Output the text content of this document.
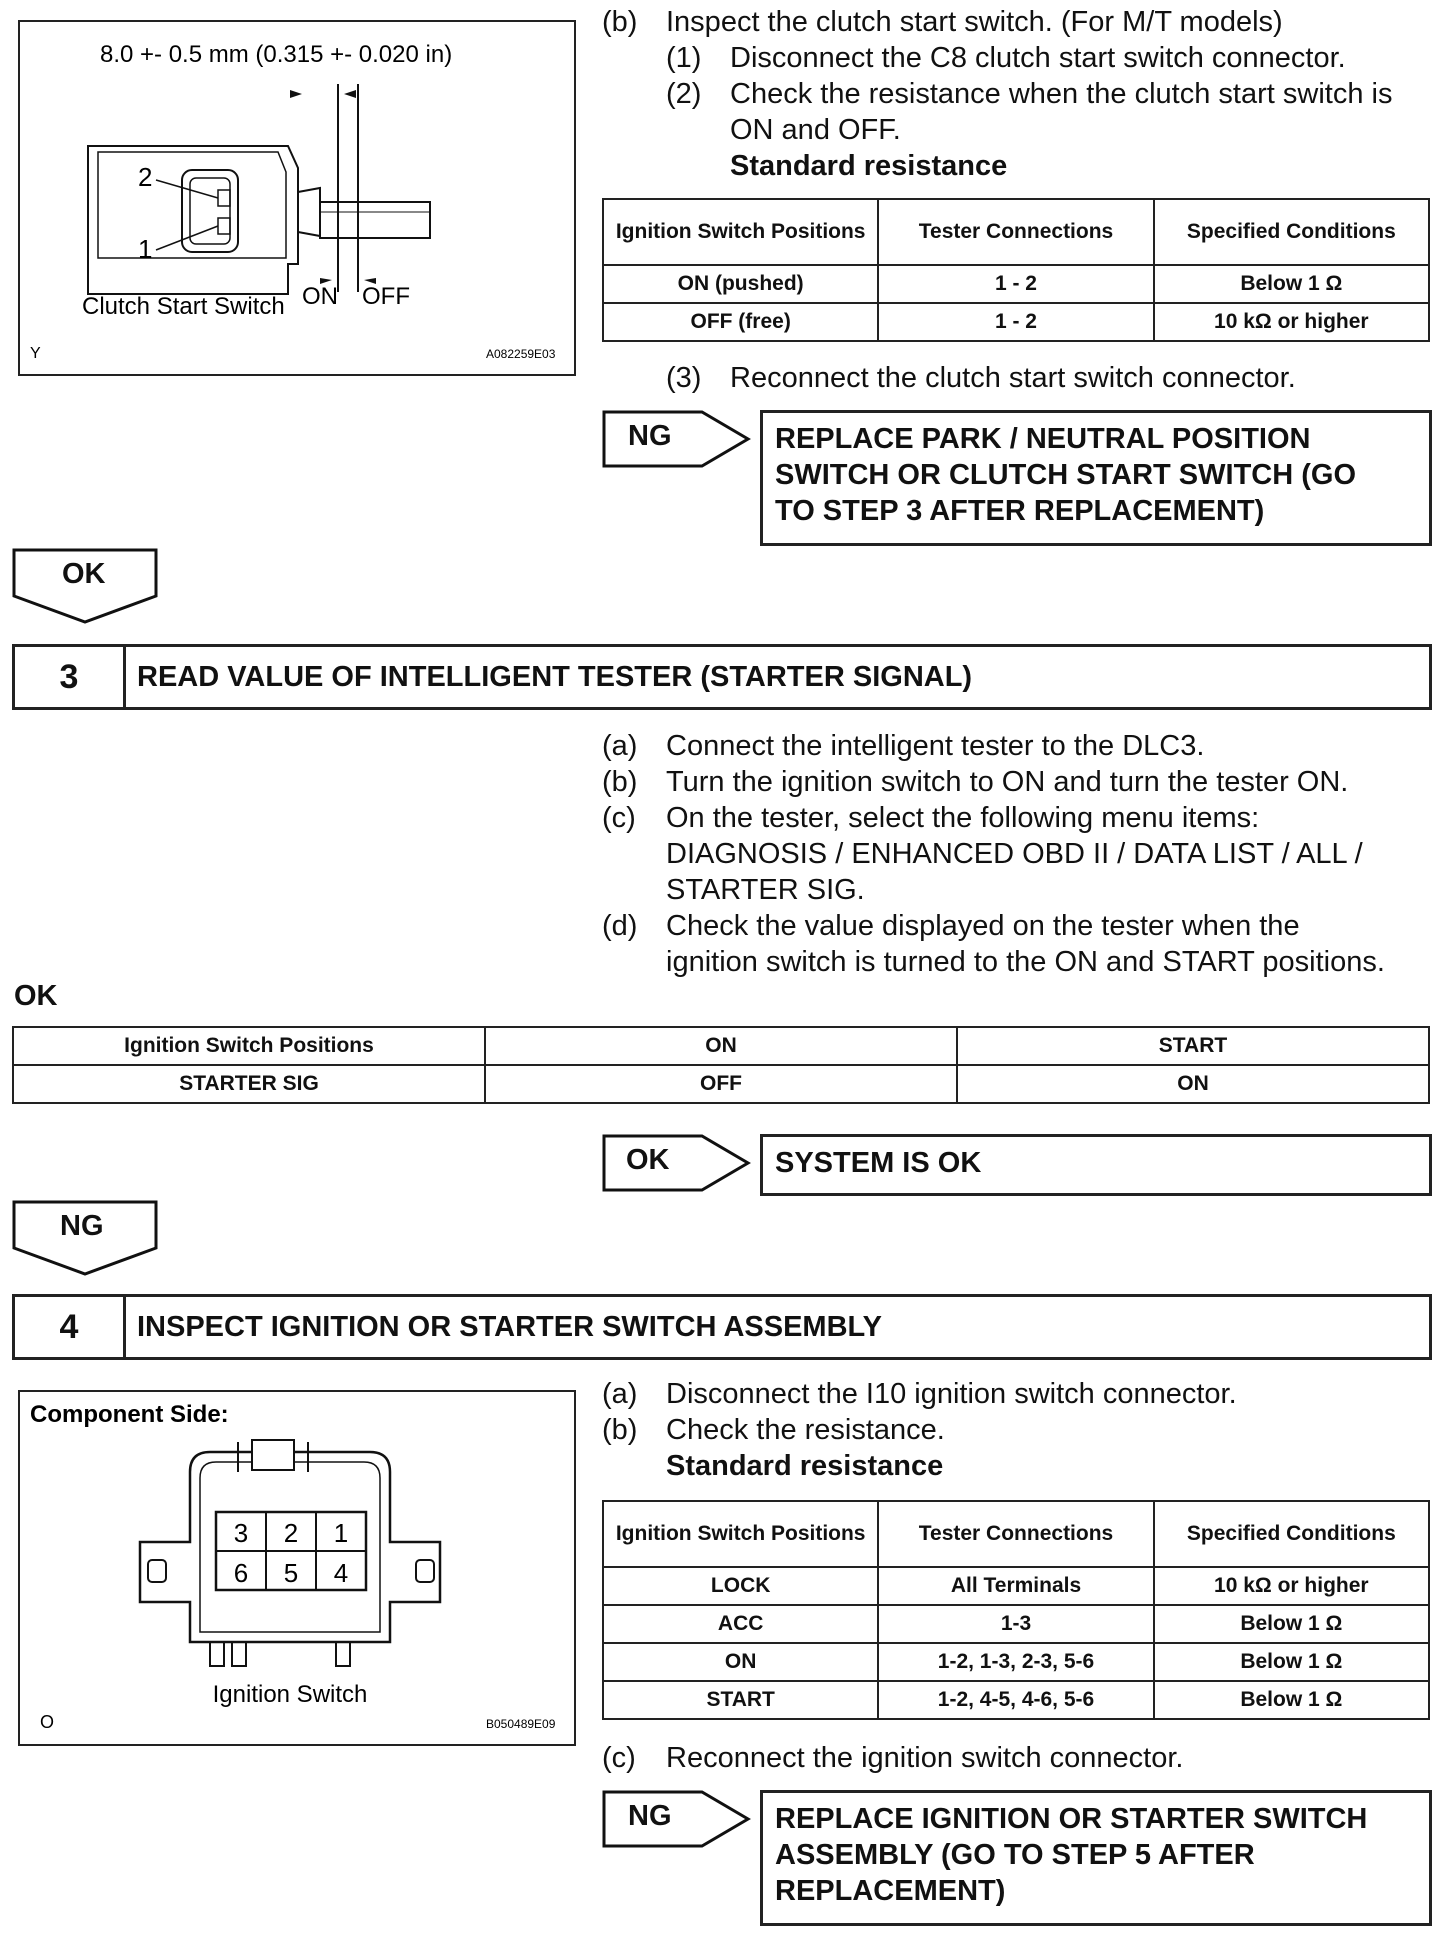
8.0 +- 0.5 mm (0.315 +- 0.020 in)
2
1
Clutch Start Switch ON OFF
Y	A082259E03
(b) Inspect the clutch start switch. (For M/T models)
(1) Disconnect the C8 clutch start switch connector.
(2) Check the resistance when the clutch start switch is
ON and OFF.
Standard resistance
Ignition Switch Positions	Tester Connections	Specified Conditions
ON (pushed)	1 - 2	Below 1 Ω
OFF (free)	1 - 2	10 kΩ or higher
(3) Reconnect the clutch start switch connector.
NG	REPLACE PARK / NEUTRAL POSITION
SWITCH OR CLUTCH START SWITCH (GO
TO STEP 3 AFTER REPLACEMENT)
OK
3	READ VALUE OF INTELLIGENT TESTER (STARTER SIGNAL)
(a) Connect the intelligent tester to the DLC3.
(b) Turn the ignition switch to ON and turn the tester ON.
(c)	On the tester, select the following menu items:
DIAGNOSIS / ENHANCED OBD II / DATA LIST / ALL /
STARTER SIG.
(d) Check the value displayed on the tester when the
ignition switch is turned to the ON and START positions.
OK
Ignition Switch Positions	ON	START
STARTER SIG	OFF	ON
OK	SYSTEM IS OK
NG
4	INSPECT IGNITION OR STARTER SWITCH ASSEMBLY
Component Side:
3 2 1
6 5 4
Ignition Switch
O	B050489E09
(a) Disconnect the I10 ignition switch connector.
(b) Check the resistance.
Standard resistance
Ignition Switch Positions	Tester Connections	Specified Conditions
LOCK	All Terminals	10 kΩ or higher
ACC	1-3	Below 1 Ω
ON	1-2, 1-3, 2-3, 5-6	Below 1 Ω
START	1-2, 4-5, 4-6, 5-6	Below 1 Ω
(c) Reconnect the ignition switch connector.
NG	REPLACE IGNITION OR STARTER SWITCH
ASSEMBLY (GO TO STEP 5 AFTER
REPLACEMENT)
